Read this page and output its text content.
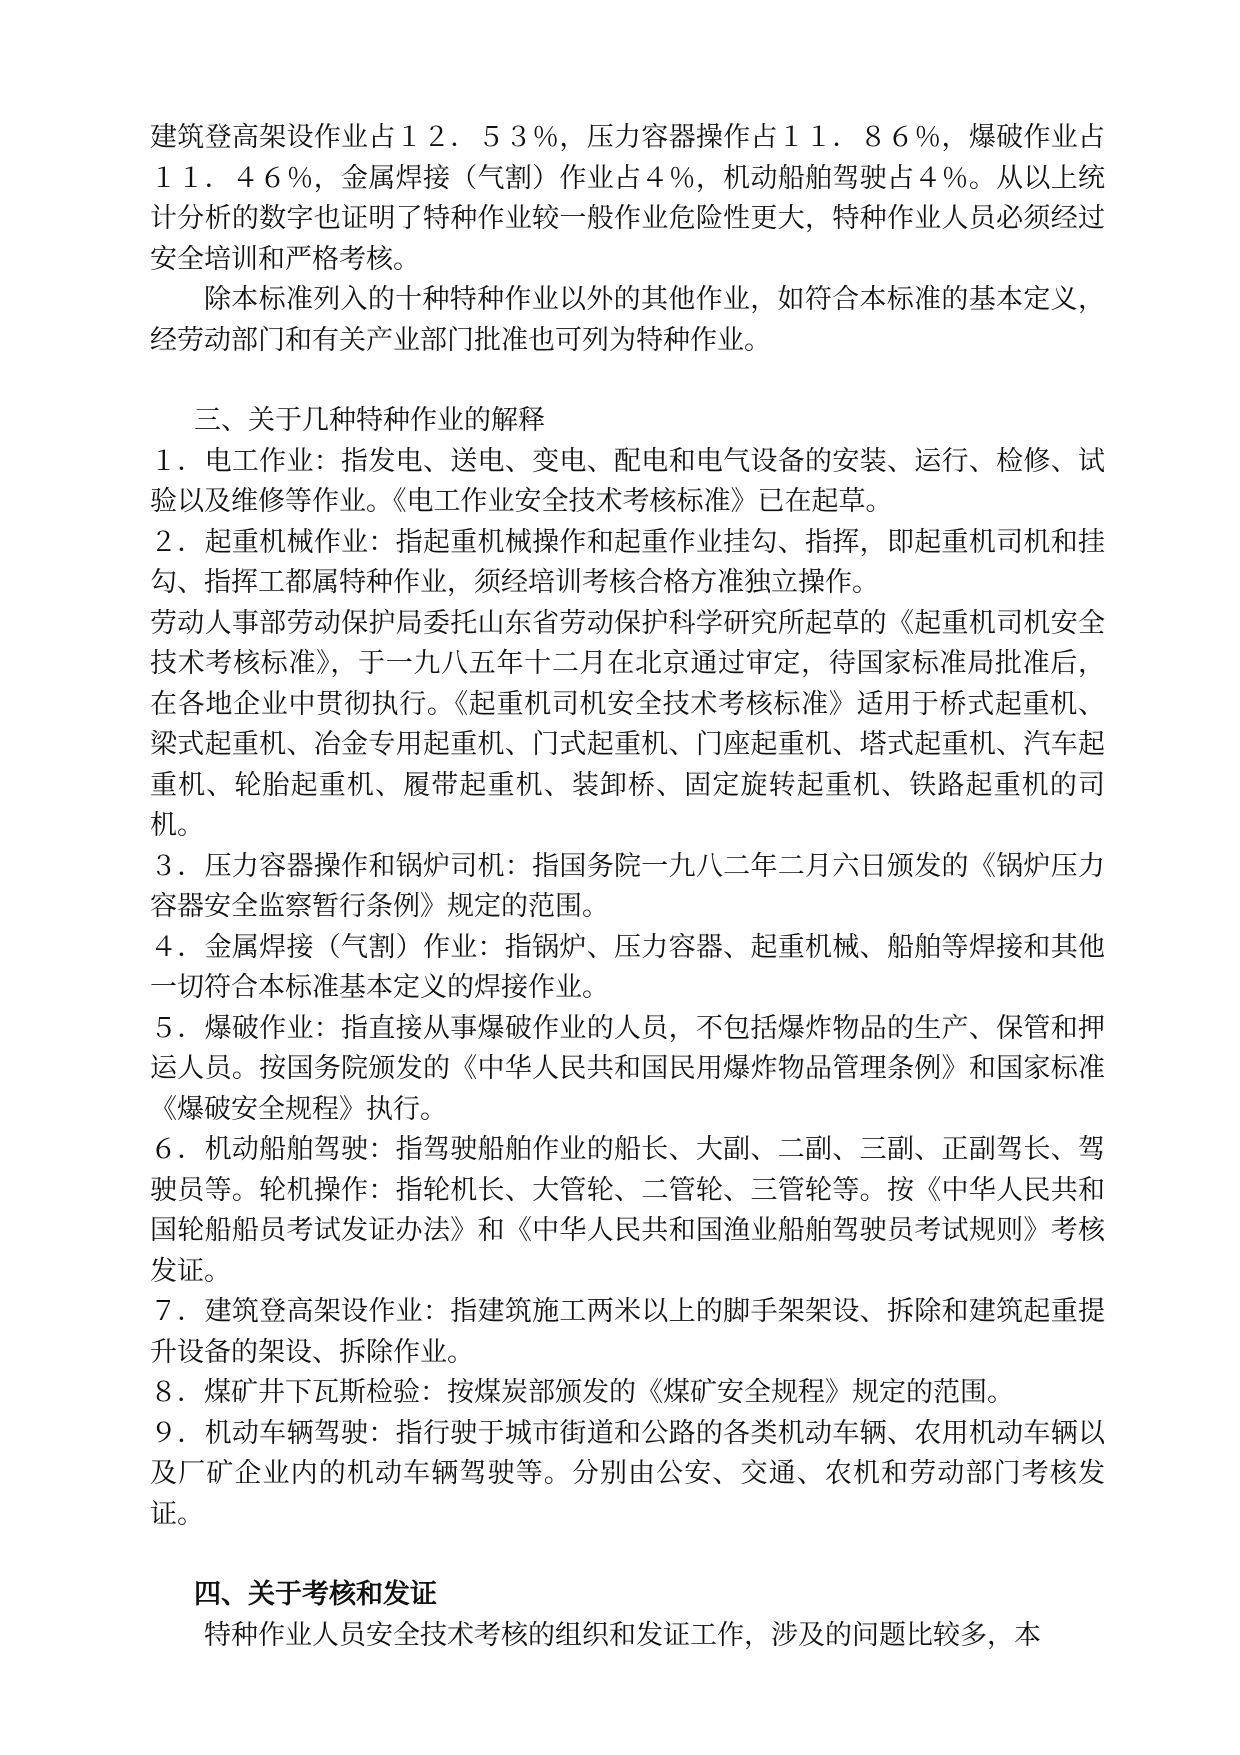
建筑登高架设作业占１２．５３％，压力容器操作占１１．８６％，爆破作业占１１．４６％，金属焊接（气割）作业占４％，机动船舶驾驶占４％。从以上统计分析的数字也证明了特种作业较一般作业危险性更大，特种作业人员必须经过安全培训和严格考核。

除本标准列入的十种特种作业以外的其他作业，如符合本标准的基本定义，经劳动部门和有关产业部门批准也可列为特种作业。

三、关于几种特种作业的解释

１．电工作业：指发电、送电、变电、配电和电气设备的安装、运行、检修、试验以及维修等作业。《电工作业安全技术考核标准》已在起草。

２．起重机械作业：指起重机械操作和起重作业挂勾、指挥，即起重机司机和挂勾、指挥工都属特种作业，须经培训考核合格方准独立操作。

劳动人事部劳动保护局委托山东省劳动保护科学研究所起草的《起重机司机安全技术考核标准》，于一九八五年十二月在北京通过审定，待国家标准局批准后，在各地企业中贯彻执行。《起重机司机安全技术考核标准》适用于桥式起重机、梁式起重机、冶金专用起重机、门式起重机、门座起重机、塔式起重机、汽车起重机、轮胎起重机、履带起重机、装卸桥、固定旋转起重机、铁路起重机的司机。

３．压力容器操作和锅炉司机：指国务院一九八二年二月六日颁发的《锅炉压力容器安全监察暂行条例》规定的范围。

４．金属焊接（气割）作业：指锅炉、压力容器、起重机械、船舶等焊接和其他一切符合本标准基本定义的焊接作业。

５．爆破作业：指直接从事爆破作业的人员，不包括爆炸物品的生产、保管和押运人员。按国务院颁发的《中华人民共和国民用爆炸物品管理条例》和国家标准《爆破安全规程》执行。

６．机动船舶驾驶：指驾驶船舶作业的船长、大副、二副、三副、正副驾长、驾驶员等。轮机操作：指轮机长、大管轮、二管轮、三管轮等。按《中华人民共和国轮船船员考试发证办法》和《中华人民共和国渔业船舶驾驶员考试规则》考核发证。

７．建筑登高架设作业：指建筑施工两米以上的脚手架架设、拆除和建筑起重提升设备的架设、拆除作业。

８．煤矿井下瓦斯检验：按煤炭部颁发的《煤矿安全规程》规定的范围。

９．机动车辆驾驶：指行驶于城市街道和公路的各类机动车辆、农用机动车辆以及厂矿企业内的机动车辆驾驶等。分别由公安、交通、农机和劳动部门考核发证。

四、关于考核和发证

特种作业人员安全技术考核的组织和发证工作，涉及的问题比较多，本
